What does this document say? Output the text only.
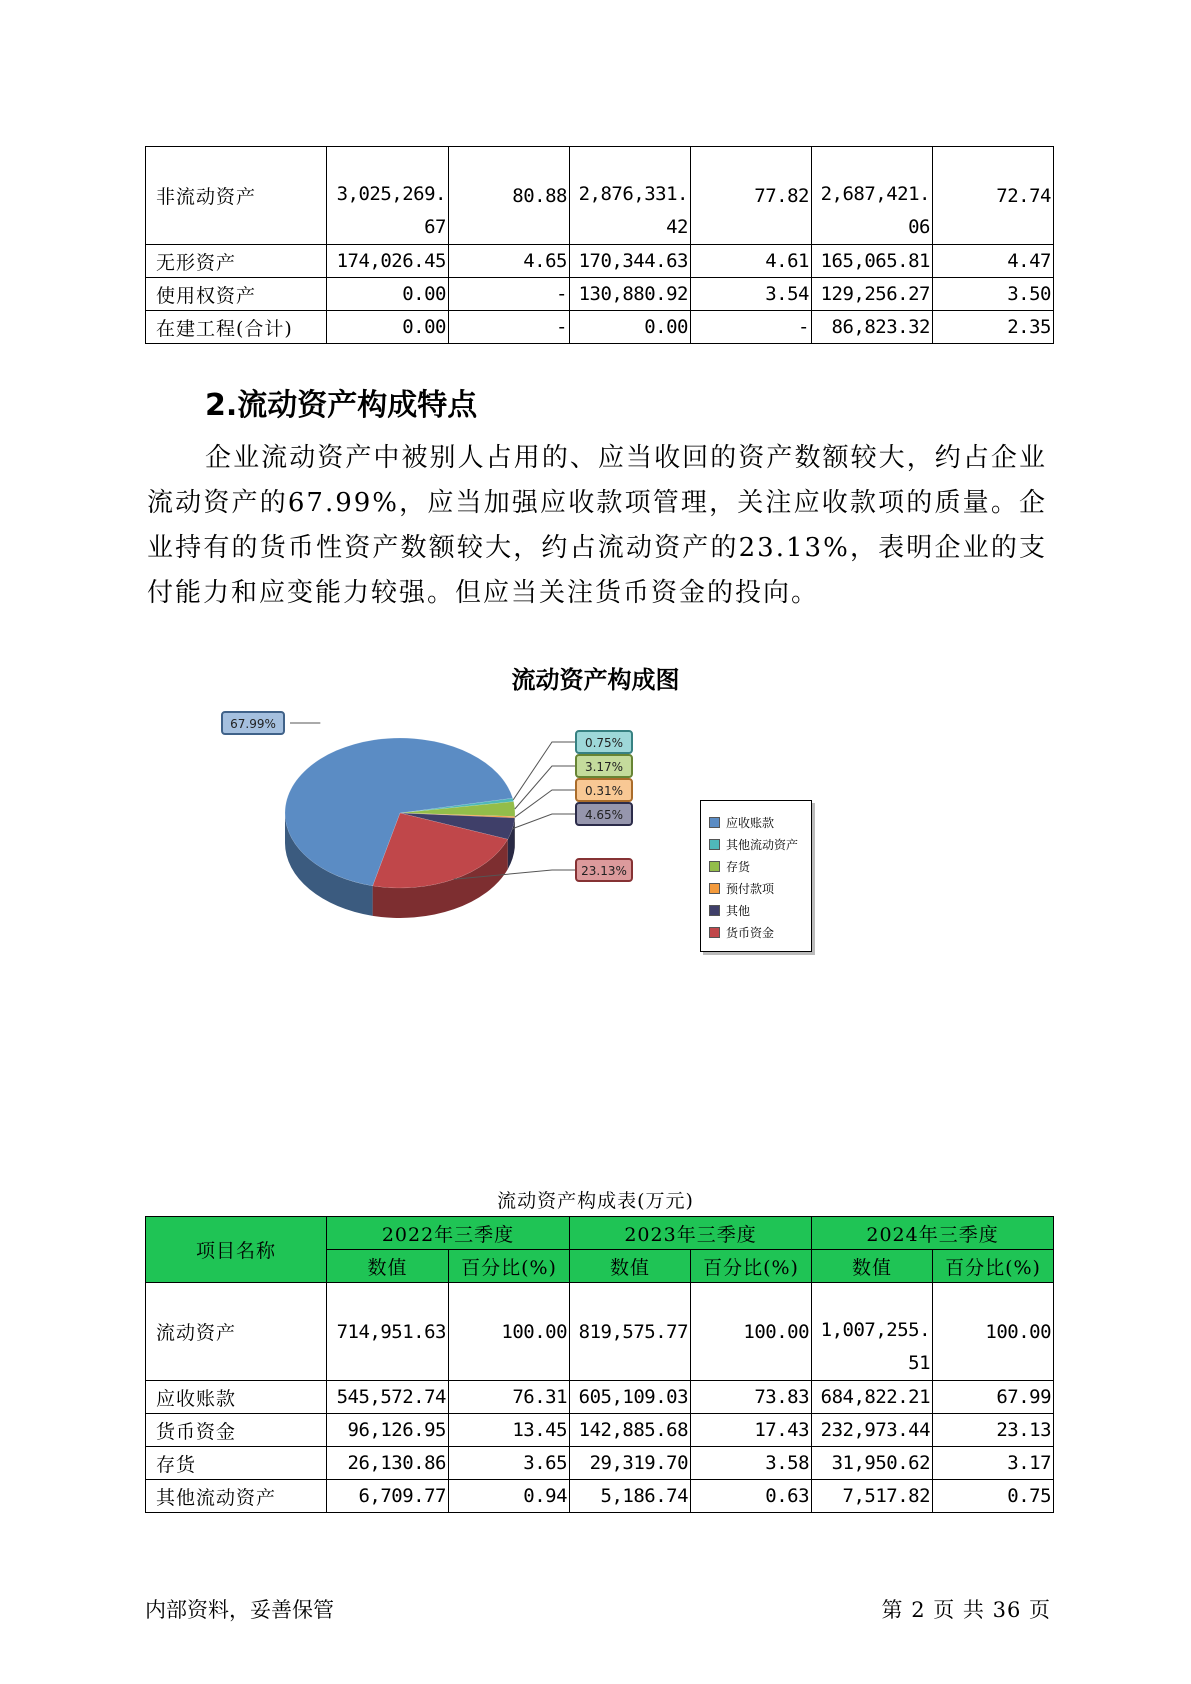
非流动资产	3,025,269.67	80.88	2,876,331.42	77.82	2,687,421.06	72.74
无形资产	174,026.45	4.65	170,344.63	4.61	165,065.81	4.47
使用权资产	0.00	-	130,880.92	3.54	129,256.27	3.50
在建工程(合计)	0.00	-	0.00	-	86,823.32	2.35
2.流动资产构成特点
企业流动资产中被别人占用的、应当收回的资产数额较大，约占企业流动资产的67.99%，应当加强应收款项管理，关注应收款项的质量。企业持有的货币性资产数额较大，约占流动资产的23.13%，表明企业的支付能力和应变能力较强。但应当关注货币资金的投向。
流动资产构成图
0.75%
3.17%
0.31%
4.65%
23.13%
67.99%
应收账款
其他流动资产
存货
预付款项
其他
货币资金
流动资产构成表(万元)
项目名称	2022年三季度		2023年三季度		2024年三季度	
	数值	百分比(%)	数值	百分比(%)	数值	百分比(%)
流动资产	714,951.63	100.00	819,575.77	100.00	1,007,255.51	100.00
应收账款	545,572.74	76.31	605,109.03	73.83	684,822.21	67.99
货币资金	96,126.95	13.45	142,885.68	17.43	232,973.44	23.13
存货	26,130.86	3.65	29,319.70	3.58	31,950.62	3.17
其他流动资产	6,709.77	0.94	5,186.74	0.63	7,517.82	0.75
内部资料，妥善保管	第 2 页 共 36 页
